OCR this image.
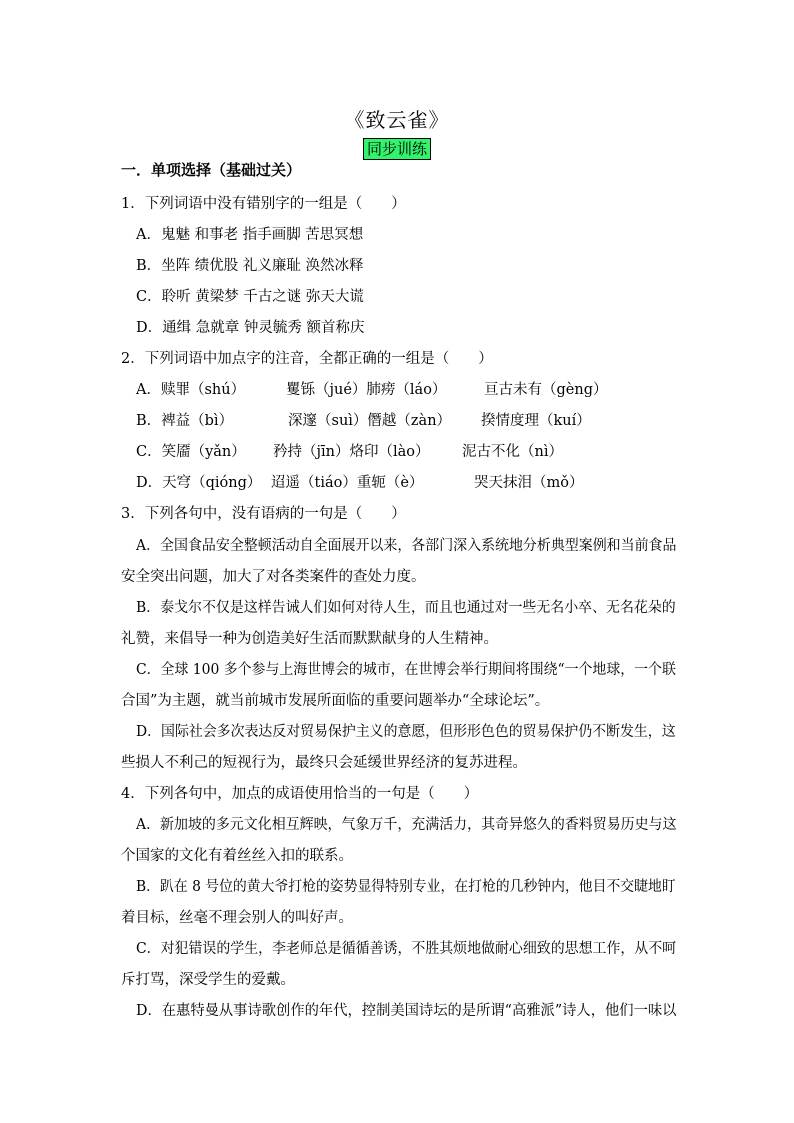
《致云雀》
同步训练
一．单项选择（基础过关）
1．下列词语中没有错别字的一组是（　　）
A．鬼魅 和事老 指手画脚 苦思冥想
B．坐阵 绩优股 礼义廉耻 涣然冰释
C．聆听 黄梁梦 千古之谜 弥天大谎
D．通缉 急就章 钟灵毓秀 额首称庆
2．下列词语中加点字的注音，全都正确的一组是（　　）
A．赎罪（shú）	矍铄（jué）肺痨（láo）	亘古未有（gèng）
B．裨益（bì）	深邃（suì）僭越（zàn） 揆情度理（kuí）
C．笑靥（yǎn） 矜持（jīn）烙印（lào） 泥古不化（nì）
D．天穹（qióng） 迢遥（tiáo）重轭（è）	哭天抹泪（mǒ）
3．下列各句中，没有语病的一句是（　　）
A．全国食品安全整顿活动自全面展开以来，各部门深入系统地分析典型案例和当前食品
安全突出问题，加大了对各类案件的查处力度。
B．泰戈尔不仅是这样告诫人们如何对待人生，而且也通过对一些无名小卒、无名花朵的
礼赞，来倡导一种为创造美好生活而默默献身的人生精神。
C．全球 100 多个参与上海世博会的城市，在世博会举行期间将围绕“一个地球，一个联
合国”为主题，就当前城市发展所面临的重要问题举办“全球论坛”。
D．国际社会多次表达反对贸易保护主义的意愿，但形形色色的贸易保护仍不断发生，这
些损人不利己的短视行为，最终只会延缓世界经济的复苏进程。
4．下列各句中，加点的成语使用恰当的一句是（　　）
A．新加坡的多元文化相互辉映，气象万千，充满活力，其奇异悠久的香料贸易历史与这
个国家的文化有着丝丝入扣的联系。
B．趴在 8 号位的黄大爷打枪的姿势显得特别专业，在打枪的几秒钟内，他目不交睫地盯
着目标，丝毫不理会别人的叫好声。
C．对犯错误的学生，李老师总是循循善诱，不胜其烦地做耐心细致的思想工作，从不呵
斥打骂，深受学生的爱戴。
D．在惠特曼从事诗歌创作的年代，控制美国诗坛的是所谓“高雅派”诗人，他们一味以
